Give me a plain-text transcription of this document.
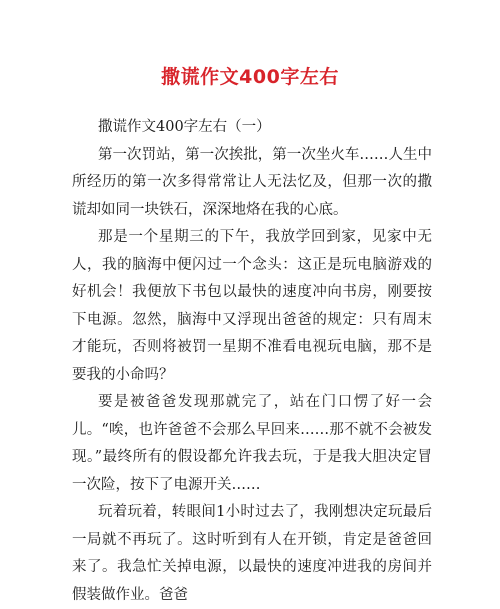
撒谎作文400字左右

撒谎作文400字左右（一）

第一次罚站，第一次挨批，第一次坐火车……人生中所经历的第一次多得常常让人无法忆及，但那一次的撒谎却如同一块铁石，深深地烙在我的心底。

那是一个星期三的下午，我放学回到家，见家中无人，我的脑海中便闪过一个念头：这正是玩电脑游戏的好机会！我便放下书包以最快的速度冲向书房，刚要按下电源。忽然，脑海中又浮现出爸爸的规定：只有周末才能玩，否则将被罚一星期不准看电视玩电脑，那不是要我的小命吗？

要是被爸爸发现那就完了，站在门口愣了好一会儿。“唉，也许爸爸不会那么早回来……那不就不会被发现。”最终所有的假设都允许我去玩，于是我大胆决定冒一次险，按下了电源开关……

玩着玩着，转眼间1小时过去了，我刚想决定玩最后一局就不再玩了。这时听到有人在开锁，肯定是爸爸回来了。我急忙关掉电源，以最快的速度冲进我的房间并假装做作业。爸爸
